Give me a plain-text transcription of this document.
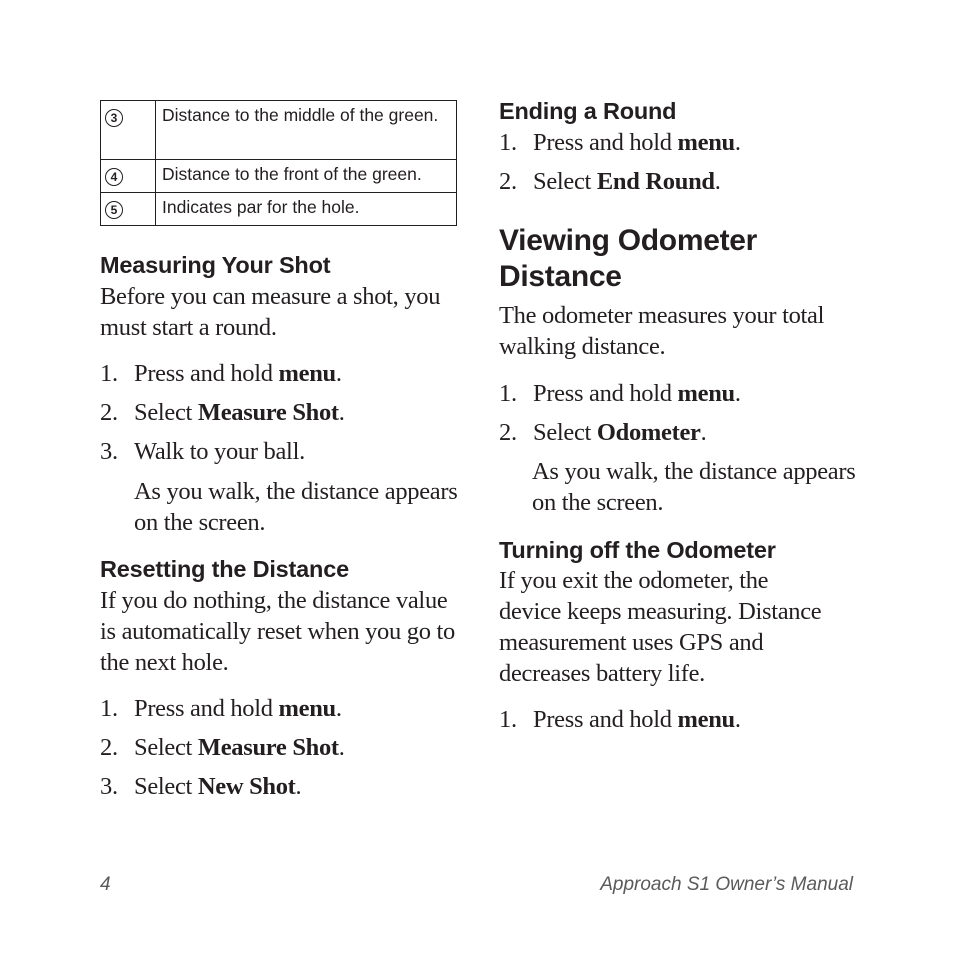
3	Distance to the middle of the green.
4	Distance to the front of the green.
5	Indicates par for the hole.
Measuring Your Shot

Before you can measure a shot, you must start a round.

1. Press and hold menu.
2. Select Measure Shot.
3. Walk to your ball.

As you walk, the distance appears on the screen.

Resetting the Distance

If you do nothing, the distance value is automatically reset when you go to the next hole.

1. Press and hold menu.
2. Select Measure Shot.
3. Select New Shot.
Ending a Round
1. Press and hold menu.
2. Select End Round.
Viewing Odometer
Distance

The odometer measures your total walking distance.

1. Press and hold menu.
2. Select Odometer.

As you walk, the distance appears on the screen.

Turning off the Odometer

If you exit the odometer, the device keeps measuring. Distance measurement uses GPS and decreases battery life.

1. Press and hold menu.
4	Approach S1 Owner’s Manual
